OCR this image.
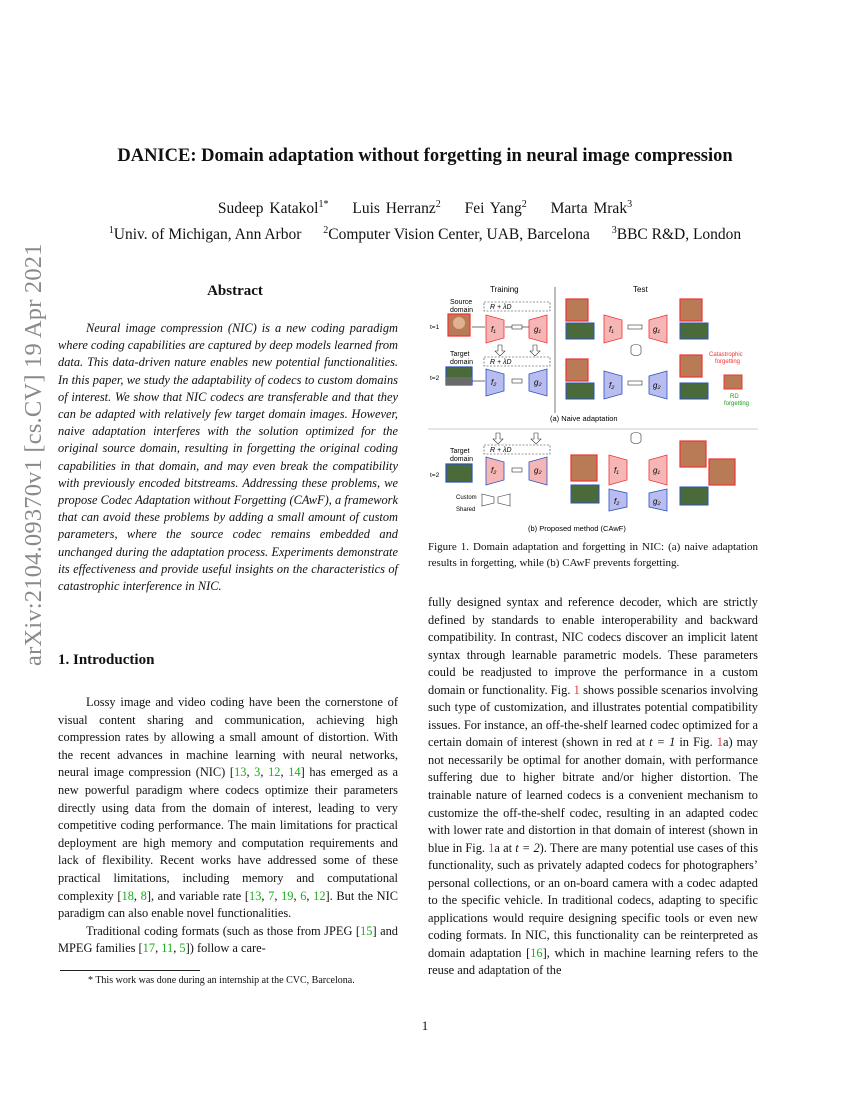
DANICE: Domain adaptation without forgetting in neural image compression
Sudeep Katakol$^{1*}$ Luis Herranz$^2$ Fei Yang$^2$ Marta Mrak$^3$
$^1$Univ. of Michigan, Ann Arbor $^2$Computer Vision Center, UAB, Barcelona $^3$BBC R&D, London
arXiv:2104.09370v1 [cs.CV] 19 Apr 2021	Abstract

Neural image compression (NIC) is a new coding paradigm where coding capabilities are captured by deep models learned from data. This data-driven nature enables new potential functionalities. In this paper, we study the adaptability of codecs to custom domains of interest. We show that NIC codecs are transferable and that they can be adapted with relatively few target domain images. However, naive adaptation interferes with the solution optimized for the original source domain, resulting in forgetting the original coding capabilities in that domain, and may even break the compatibility with previously encoded bitstreams. Addressing these problems, we propose Codec Adaptation without Forgetting (CAwF), a framework that can avoid these problems by adding a small amount of custom parameters, where the source codec remains embedded and unchanged during the adaptation process. Experiments demonstrate its effectiveness and provide useful insights on the characteristics of catastrophic interference in NIC.

1. Introduction

Lossy image and video coding have been the cornerstone of visual content sharing and communication, achieving high compression rates by allowing a small amount of distortion. With the recent advances in machine learning with neural networks, neural image compression (NIC) [13, 3, 12, 14] has emerged as a new powerful paradigm where codecs optimize their parameters directly using data from the domain of interest, leading to very competitive coding performance. The main limitations for practical deployment are high memory and computation requirements and lack of flexibility. Recent works have addressed some of these practical limitations, including memory and computational complexity [18, 8], and variable rate [13, 7, 19, 6, 12]. But the NIC paradigm can also enable novel functionalities.

Traditional coding formats (such as those from JPEG [15] and MPEG families [17, 11, 5]) follow a care-

* This work was done during an internship at the CVC, Barcelona.
Training	Test
Source
domain
t=1
R + λD
f₁	g₁
Target
domain
t=2
R + λD
f₂	g₂
f₁	g₁
f₂	g₂
Catastrophic
forgetting
RD
forgetting
(a) Naive adaptation
R + λD
Target
domain
t=2
f₂	g₂
Custom
Shared
f₁	g₁
f₂	g₂
(b) Proposed method (CAwF)
Figure 1. Domain adaptation and forgetting in NIC: (a) naive adaptation results in forgetting, while (b) CAwF prevents forgetting.

fully designed syntax and reference decoder, which are strictly defined by standards to enable interoperability and backward compatibility. In contrast, NIC codecs discover an implicit latent syntax through learnable parametric models. These parameters could be readjusted to improve the performance in a custom domain or functionality. Fig. 1 shows possible scenarios involving such type of customization, and illustrates potential compatibility issues. For instance, an off-the-shelf learned codec optimized for a certain domain of interest (shown in red at t = 1 in Fig. 1a) may not necessarily be optimal for another domain, with performance suffering due to higher bitrate and/or higher distortion. The trainable nature of learned codecs is a convenient mechanism to customize the off-the-shelf codec, resulting in an adapted codec with lower rate and distortion in that domain of interest (shown in blue in Fig. 1a at t = 2). There are many potential use cases of this functionality, such as privately adapted codecs for photographers’ personal collections, or an on-board camera with a codec adapted to the specific vehicle. In traditional codecs, adapting to specific applications would require designing specific tools or even new coding formats. In NIC, this functionality can be reinterpreted as domain adaptation [16], which in machine learning refers to the reuse and adaptation of the

1
